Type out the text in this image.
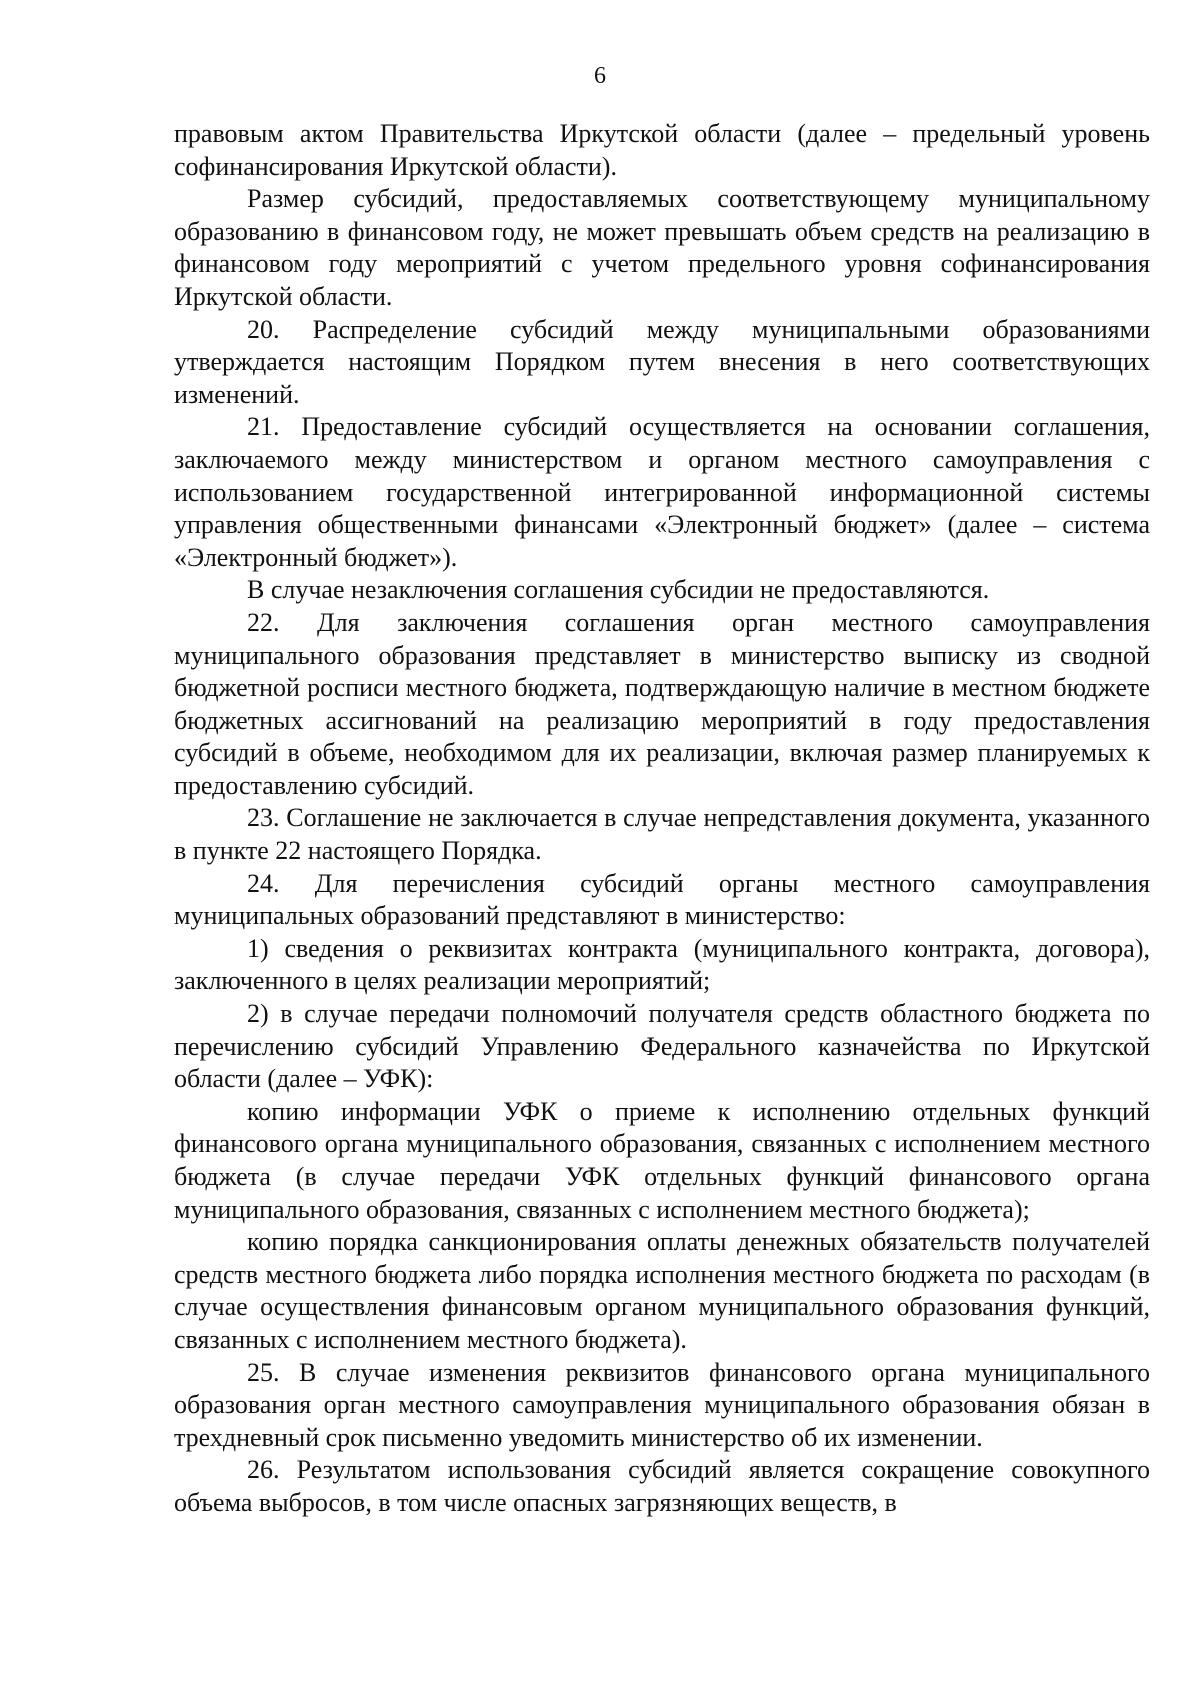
6

правовым актом Правительства Иркутской области (далее – предельный уровень софинансирования Иркутской области).

Размер субсидий, предоставляемых соответствующему муниципальному образованию в финансовом году, не может превышать объем средств на реализацию в финансовом году мероприятий с учетом предельного уровня софинансирования Иркутской области.

20. Распределение субсидий между муниципальными образованиями утверждается настоящим Порядком путем внесения в него соответствующих изменений.

21. Предоставление субсидий осуществляется на основании соглашения, заключаемого между министерством и органом местного самоуправления с использованием государственной интегрированной информационной системы управления общественными финансами «Электронный бюджет» (далее – система «Электронный бюджет»).

В случае незаключения соглашения субсидии не предоставляются.

22. Для заключения соглашения орган местного самоуправления муниципального образования представляет в министерство выписку из сводной бюджетной росписи местного бюджета, подтверждающую наличие в местном бюджете бюджетных ассигнований на реализацию мероприятий в году предоставления субсидий в объеме, необходимом для их реализации, включая размер планируемых к предоставлению субсидий.

23. Соглашение не заключается в случае непредставления документа, указанного в пункте 22 настоящего Порядка.

24. Для перечисления субсидий органы местного самоуправления муниципальных образований представляют в министерство:

1) сведения о реквизитах контракта (муниципального контракта, договора), заключенного в целях реализации мероприятий;

2) в случае передачи полномочий получателя средств областного бюджета по перечислению субсидий Управлению Федерального казначейства по Иркутской области (далее – УФК):

копию информации УФК о приеме к исполнению отдельных функций финансового органа муниципального образования, связанных с исполнением местного бюджета (в случае передачи УФК отдельных функций финансового органа муниципального образования, связанных с исполнением местного бюджета);

копию порядка санкционирования оплаты денежных обязательств получателей средств местного бюджета либо порядка исполнения местного бюджета по расходам (в случае осуществления финансовым органом муниципального образования функций, связанных с исполнением местного бюджета).

25. В случае изменения реквизитов финансового органа муниципального образования орган местного самоуправления муниципального образования обязан в трехдневный срок письменно уведомить министерство об их изменении.

26. Результатом использования субсидий является сокращение совокупного объема выбросов, в том числе опасных загрязняющих веществ, в
